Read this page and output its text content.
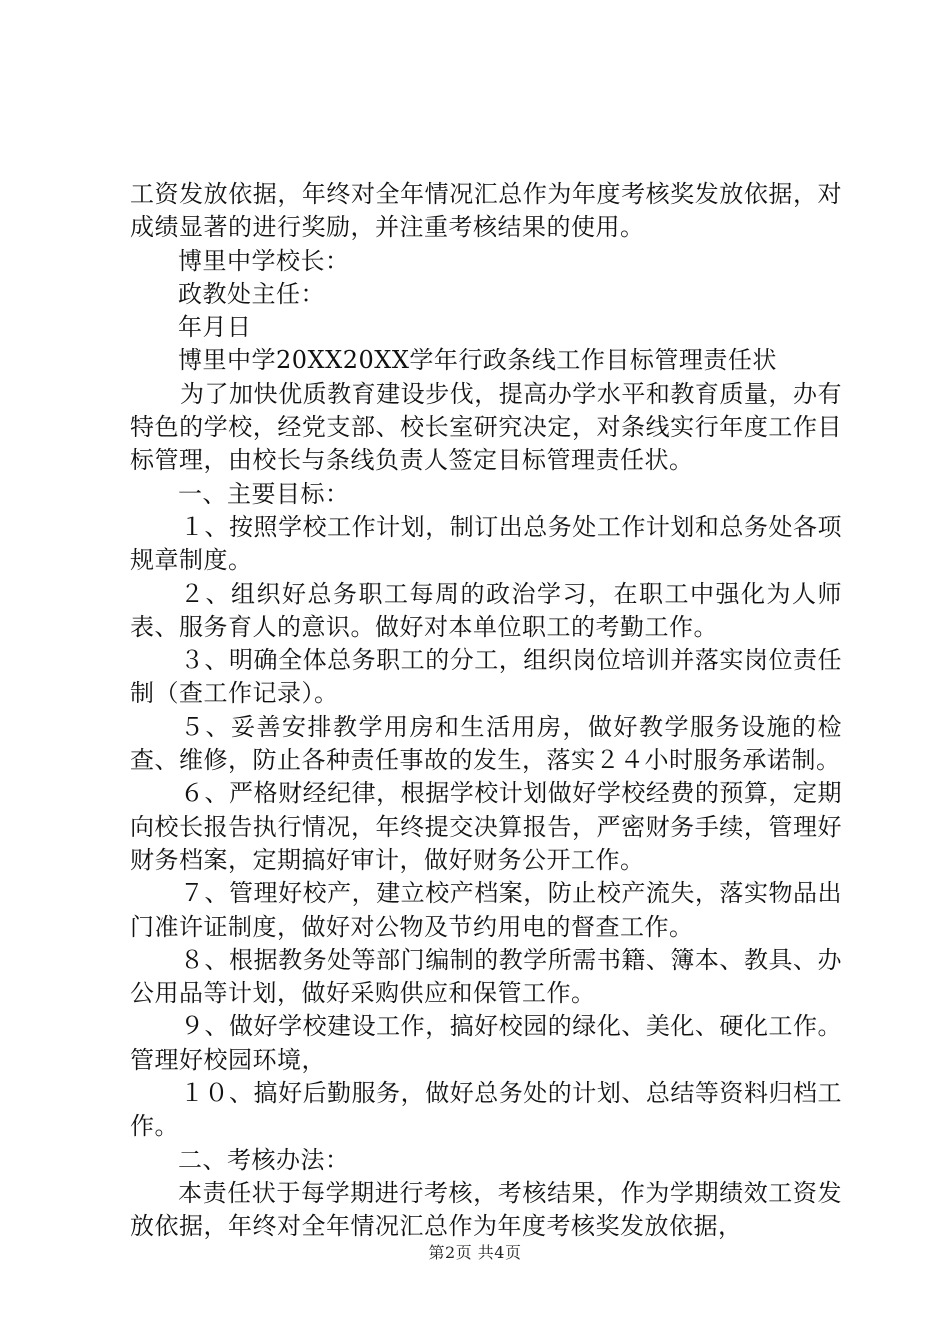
工资发放依据，年终对全年情况汇总作为年度考核奖发放依据，对成绩显著的进行奖励，并注重考核结果的使用。

博里中学校长：

政教处主任：

年月日

博里中学20XX20XX学年行政条线工作目标管理责任状

为了加快优质教育建设步伐，提高办学水平和教育质量，办有特色的学校，经党支部、校长室研究决定，对条线实行年度工作目标管理，由校长与条线负责人签定目标管理责任状。

一、主要目标：

１、按照学校工作计划，制订出总务处工作计划和总务处各项规章制度。

２、组织好总务职工每周的政治学习，在职工中强化为人师表、服务育人的意识。做好对本单位职工的考勤工作。

３、明确全体总务职工的分工，组织岗位培训并落实岗位责任制（查工作记录）。

５、妥善安排教学用房和生活用房，做好教学服务设施的检查、维修，防止各种责任事故的发生，落实２４小时服务承诺制。

６、严格财经纪律，根据学校计划做好学校经费的预算，定期向校长报告执行情况，年终提交决算报告，严密财务手续，管理好财务档案，定期搞好审计，做好财务公开工作。

７、管理好校产，建立校产档案，防止校产流失，落实物品出门准许证制度，做好对公物及节约用电的督查工作。

８、根据教务处等部门编制的教学所需书籍、簿本、教具、办公用品等计划，做好采购供应和保管工作。

９、做好学校建设工作，搞好校园的绿化、美化、硬化工作。管理好校园环境，

１０、搞好后勤服务，做好总务处的计划、总结等资料归档工作。

二、考核办法：

本责任状于每学期进行考核，考核结果，作为学期绩效工资发放依据，年终对全年情况汇总作为年度考核奖发放依据，

第2页 共4页
